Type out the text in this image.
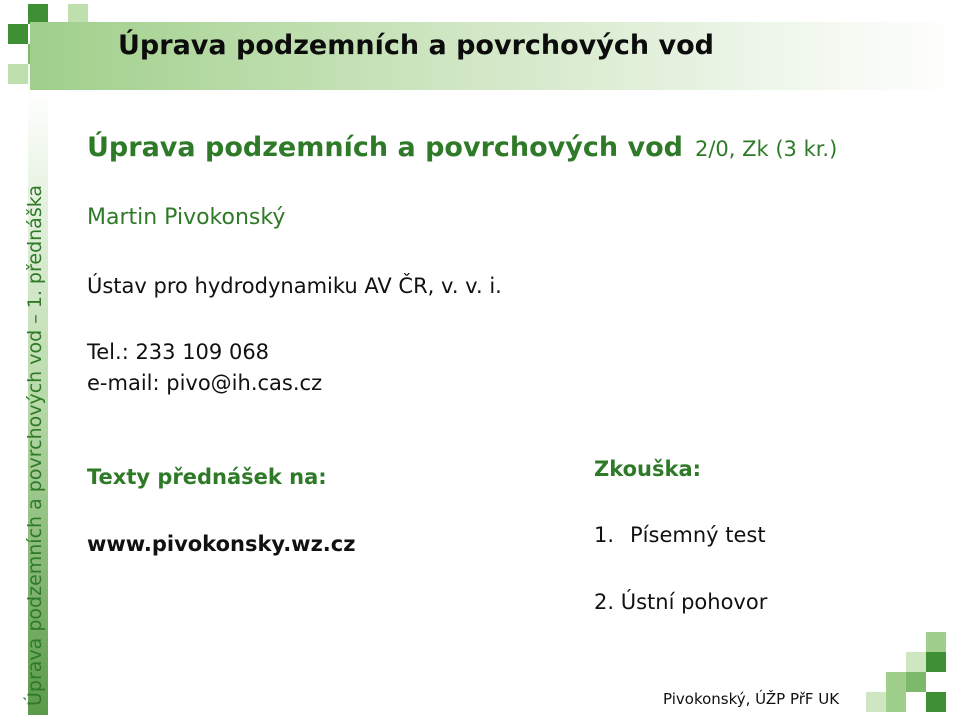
Úprava podzemních a povrchových vod
Úprava podzemních a povrchových vod – 1. přednáška
Úprava podzemních a povrchových vod 2/0, Zk (3 kr.)

Martin Pivokonský

Ústav pro hydrodynamiku AV ČR, v. v. i.

Tel.: 233 109 068

e-mail: pivo@ih.cas.cz

Texty přednášek na:

www.pivokonsky.wz.cz

Zkouška:

1. Písemný test

2. Ústní pohovor

Pivokonský, ÚŽP PřF UK
